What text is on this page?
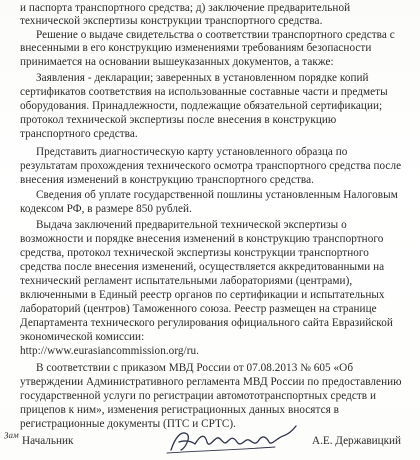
и паспорта транспортного средства; д) заключение предварительной
технической экспертизы конструкции транспортного средства.
Решение о выдаче свидетельства о соответствии транспортного средства с
внесенными в его конструкцию изменениями требованиям безопасности
принимается на основании вышеуказанных документов, а также:
Заявления - декларации; заверенных в установленном порядке копий
сертификатов соответствия на использованные составные части и предметы
оборудования. Принадлежности, подлежащие обязательной сертификации;
протокол технической экспертизы после внесения в конструкцию
транспортного средства.
Представить диагностическую карту установленного образца по
результатам прохождения технического осмотра транспортного средства после
внесения изменений в конструкцию транспортного средства.
Сведения об уплате государственной пошлины установленным Налоговым
кодексом РФ, в размере 850 рублей.
Выдача заключений предварительной технической экспертизы о
возможности и порядке внесения изменений в конструкцию транспортного
средства, протокол технической экспертизы конструкции транспортного
средства после внесения изменений, осуществляется аккредитованными на
технический регламент испытательными лабораториями (центрами),
включенными в Единый реестр органов по сертификации и испытательных
лабораторий (центров) Таможенного союза. Реестр размещен на странице
Департамента технического регулирования официального сайта Евразийской
экономической комиссии:
http://www.eurasiancommission.org/ru.
В соответствии с приказом МВД России от 07.08.2013 № 605 «Об
утверждении Административного регламента МВД России по предоставлению
государственной услуги по регистрации автомототранспортных средств и
прицепов к ним», изменения регистрационных данных вносятся в
регистрационные документы (ПТС и СРТС).
Зам Начальник	А.Е. Державицкий
